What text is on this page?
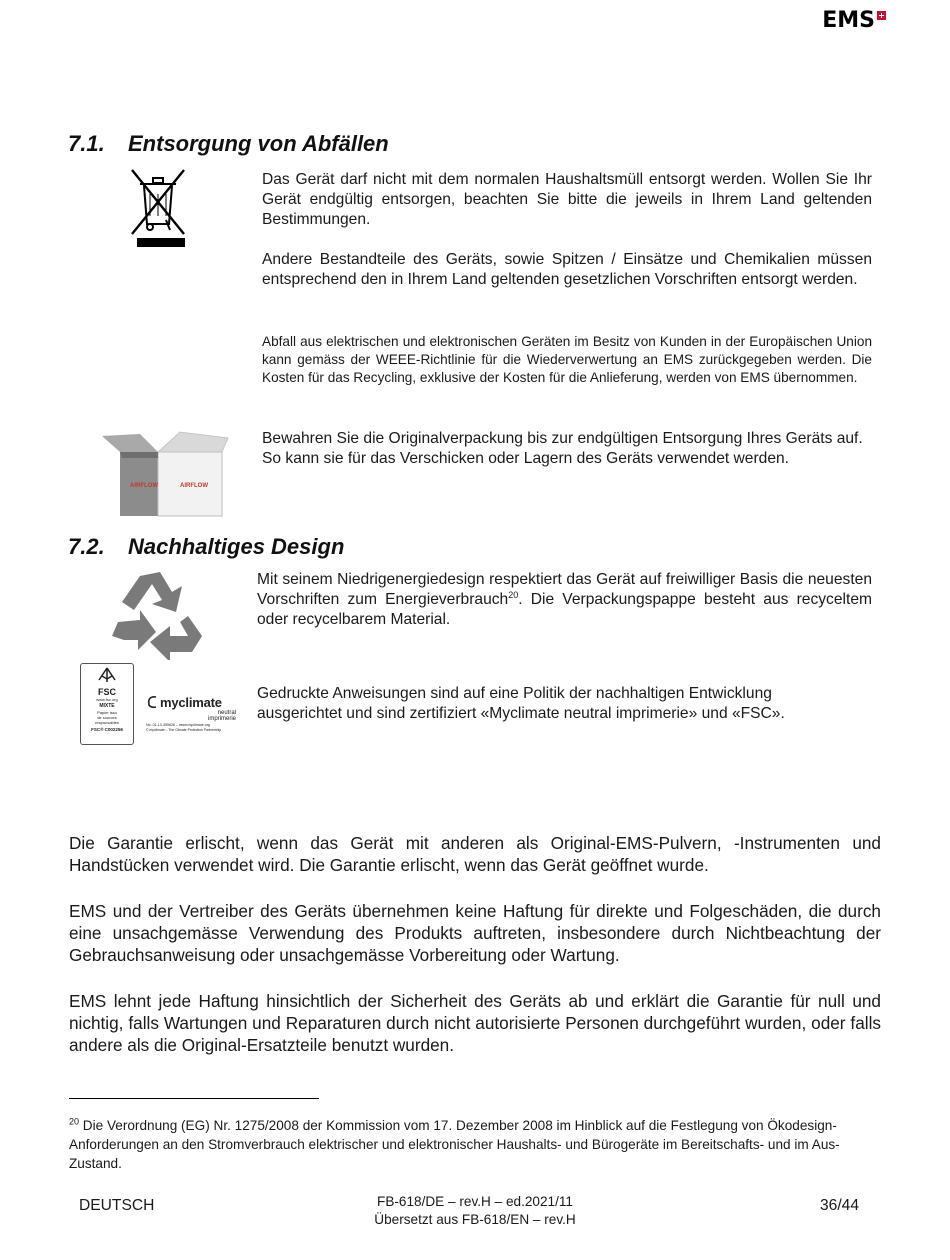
EMS
7.1. Entsorgung von Abfällen

Das Gerät darf nicht mit dem normalen Haushaltsmüll entsorgt werden. Wollen Sie Ihr Gerät endgültig entsorgen, beachten Sie bitte die jeweils in Ihrem Land geltenden Bestimmungen.

Andere Bestandteile des Geräts, sowie Spitzen / Einsätze und Chemikalien müssen entsprechend den in Ihrem Land geltenden gesetzlichen Vorschriften entsorgt werden.

Abfall aus elektrischen und elektronischen Geräten im Besitz von Kunden in der Europäischen Union kann gemäss der WEEE-Richtlinie für die Wiederverwertung an EMS zurückgegeben werden. Die Kosten für das Recycling, exklusive der Kosten für die Anlieferung, werden von EMS übernommen.

AIRFLOW	AIRFLOW

Bewahren Sie die Originalverpackung bis zur endgültigen Entsorgung Ihres Geräts auf. So kann sie für das Verschicken oder Lagern des Geräts verwendet werden.

7.2. Nachhaltiges Design

Mit seinem Niedrigenergiedesign respektiert das Gerät auf freiwilliger Basis die neuesten Vorschriften zum Energieverbrauch$^{20}$. Die Verpackungspappe besteht aus recyceltem oder recycelbarem Material.

FSC
www.fsc.org
MIXTE
Papier issu
de sources
responsables
FSC® C002256
myclimate
neutral
imprimerie
No. 01-13-359826 – www.myclimate.org
© myclimate – The Climate Protection Partnership

Gedruckte Anweisungen sind auf eine Politik der nachhaltigen Entwicklung ausgerichtet und sind zertifiziert «Myclimate neutral imprimerie» und «FSC».

Die Garantie erlischt, wenn das Gerät mit anderen als Original-EMS-Pulvern, -Instrumenten und Handstücken verwendet wird. Die Garantie erlischt, wenn das Gerät geöffnet wurde.

EMS und der Vertreiber des Geräts übernehmen keine Haftung für direkte und Folgeschäden, die durch eine unsachgemässe Verwendung des Produkts auftreten, insbesondere durch Nichtbeachtung der Gebrauchsanweisung oder unsachgemässe Vorbereitung oder Wartung.

EMS lehnt jede Haftung hinsichtlich der Sicherheit des Geräts ab und erklärt die Garantie für null und nichtig, falls Wartungen und Reparaturen durch nicht autorisierte Personen durchgeführt wurden, oder falls andere als die Original-Ersatzteile benutzt wurden.

$^{20}$ Die Verordnung (EG) Nr. 1275/2008 der Kommission vom 17. Dezember 2008 im Hinblick auf die Festlegung von Ökodesign-Anforderungen an den Stromverbrauch elektrischer und elektronischer Haushalts- und Bürogeräte im Bereitschafts- und im Aus-Zustand.

DEUTSCH	FB-618/DE – rev.H – ed.2021/11
Übersetzt aus FB-618/EN – rev.H
36/44
